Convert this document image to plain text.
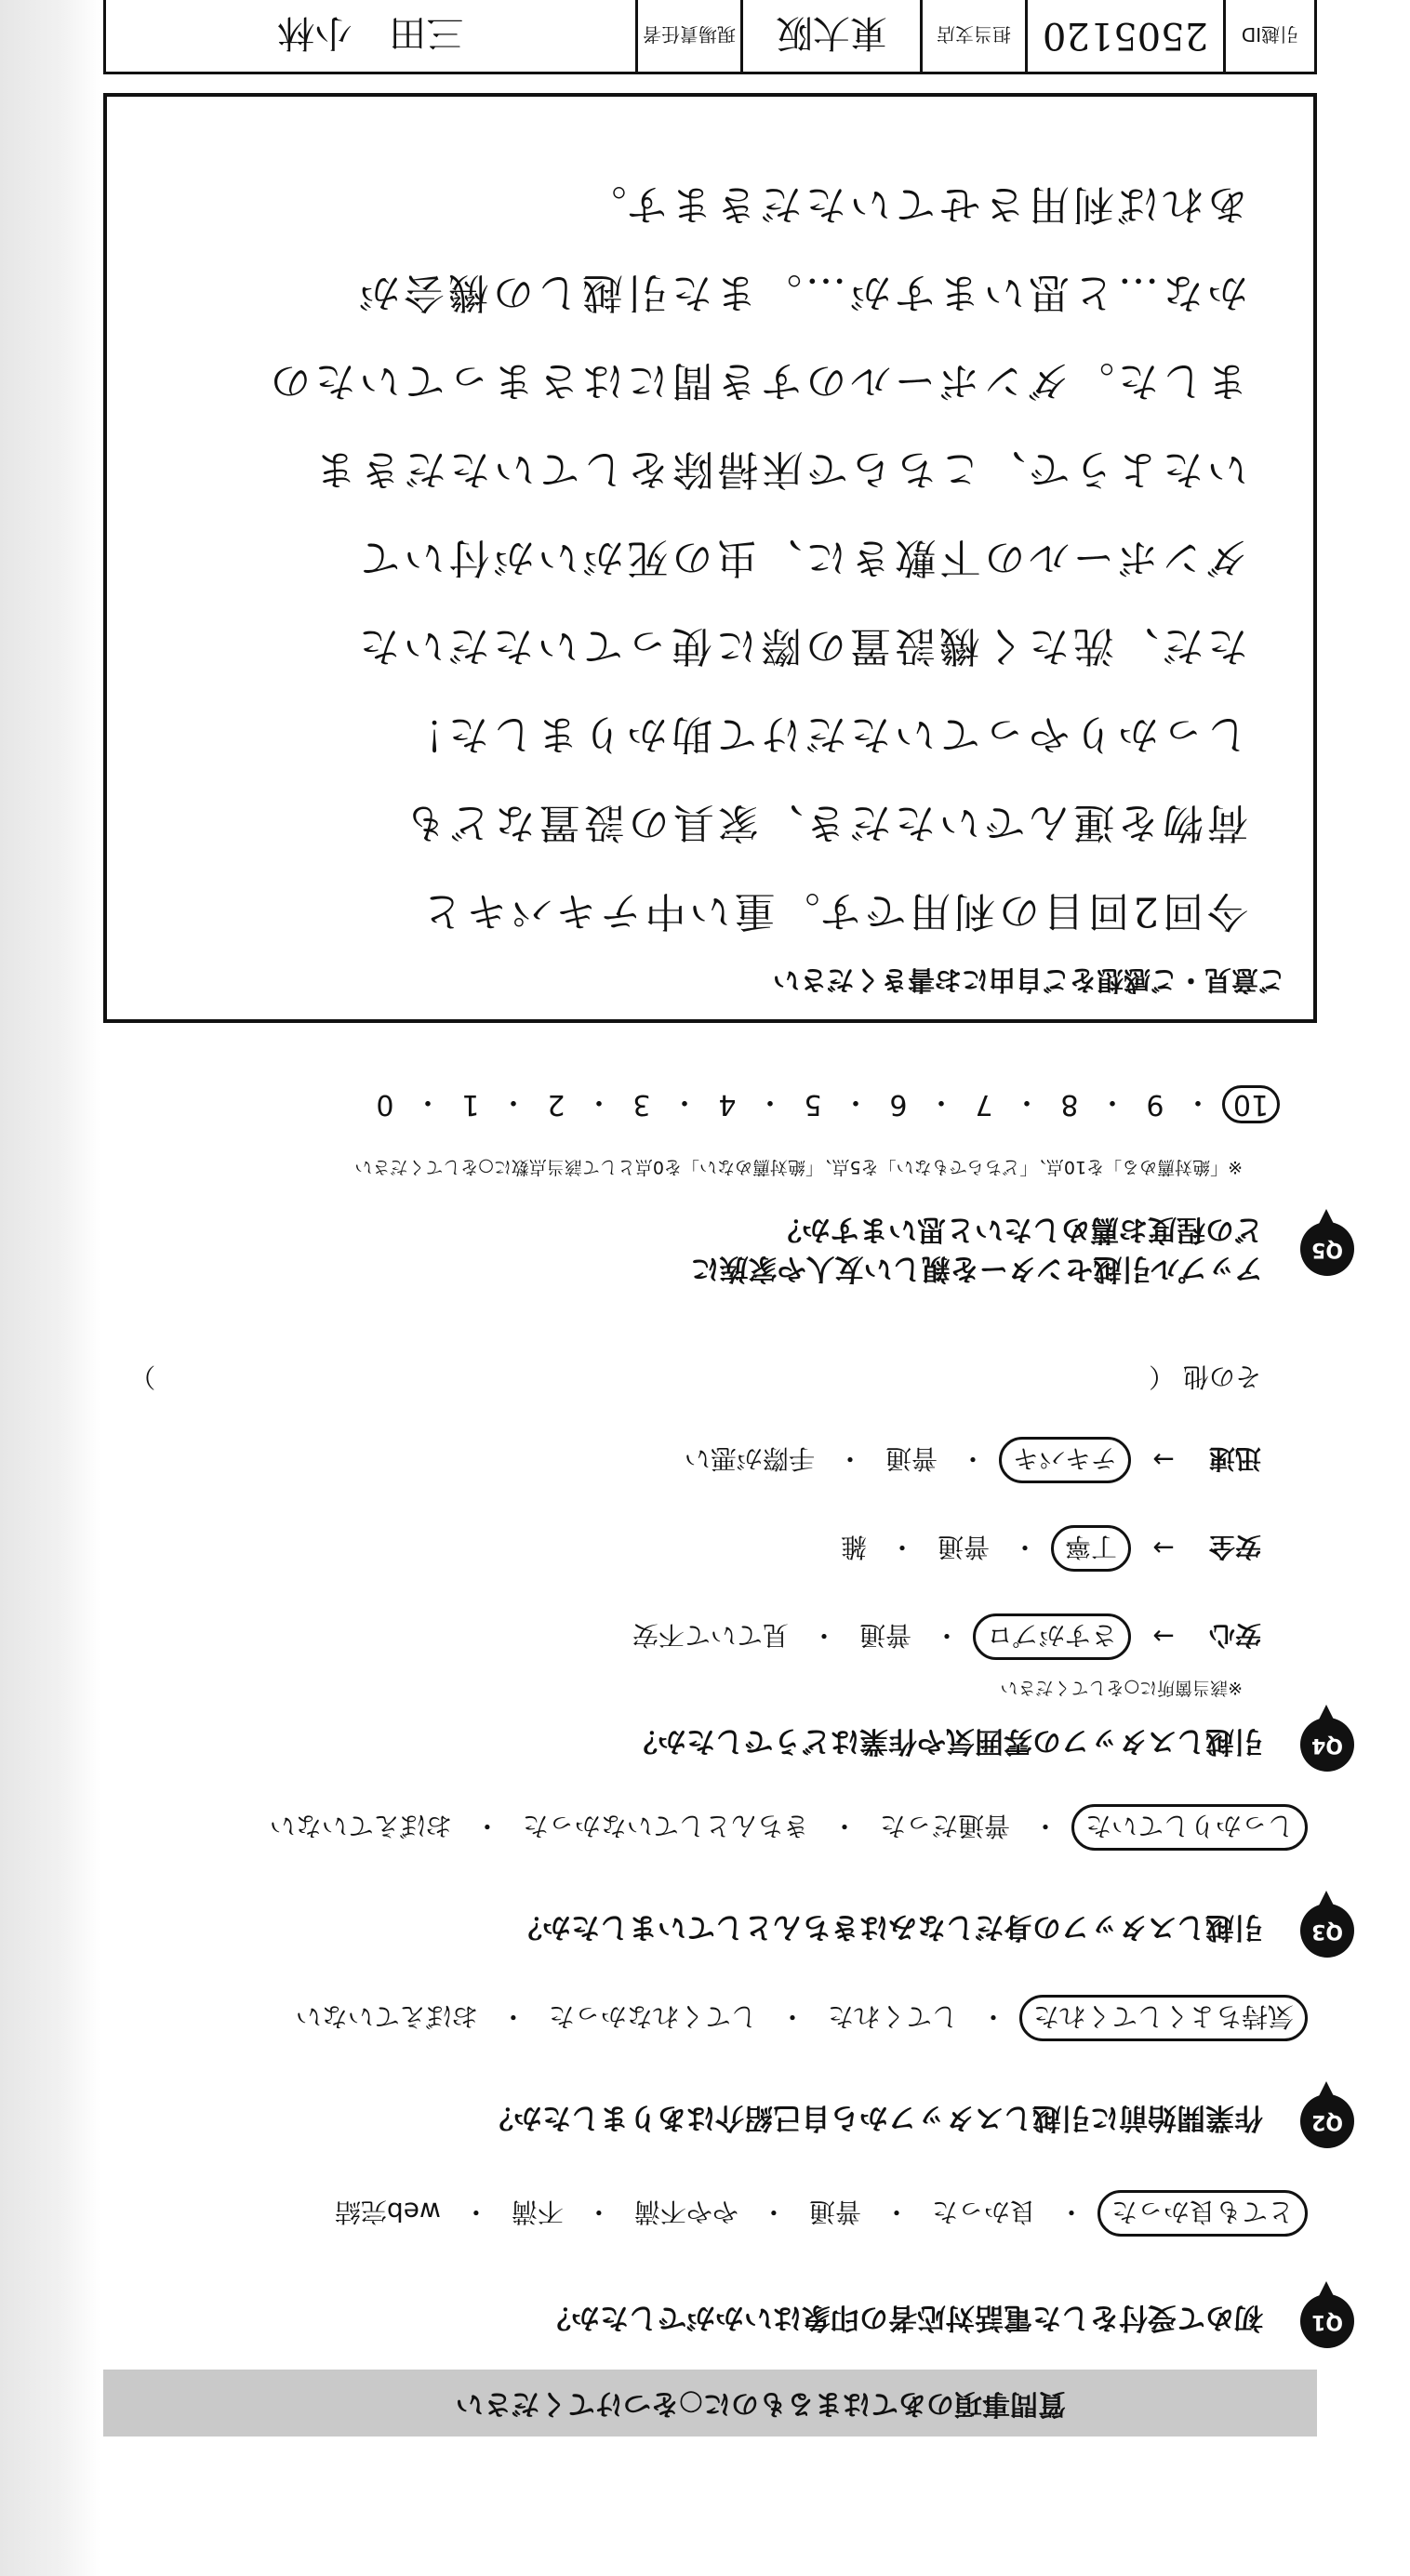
質問事項のあてはまるものに○をつけてください
Q1
初めて受付をした電話対応者の印象はいかがでしたか？
とても良かった
・
良かった
・
普通
・
やや不満
・
不満
・
web完結
Q2
作業開始前に引越しスタッフから自己紹介はありましたか？
気持ちよくしてくれた
・
してくれた
・
してくれなかった
・
おぼえていない
Q3
引越しスタッフの身だしなみはきちんとしていましたか？
しっかりしていた
・
普通だった
・
きちんとしていなかった
・
おぼえていない
Q4
引越しスタッフの雰囲気や作業はどうでしたか？
※該当箇所に○をしてください
安心
→
さすがプロ
・
普通
・
見ていて不安
安全
→
丁寧
・
普通
・
雑
迅速
→
テキパキ
・
普通
・
手際が悪い
その他 （  ）
Q5
アップル引越センターを親しい友人や家族に
どの程度お薦めしたいと思いますか？
※「絶対薦める」を10点、「どちらでもない」を5点、「絶対薦めない」を0点として該当点数に○をしてください
10
・
9
・
8
・
7
・
6
・
5
・
4
・
3
・
2
・
1
・
0
ご意見・ご感想をご自由にお書きください
今回2回目の利用です。重い中テキパキと
荷物を運んでいただき、家具の設置なども
しっかりやっていただけて助かりました！
ただ、洗たく機設置の際に使っていただいた
ダンボールの下敷きに、虫の死がいが付いて
いたようで、こちらで床掃除をしていただきま
ました。ダンボールのすき間にはさまっていたの
かな…と思いますが…。また引越しの機会が
あれば利用させていただきます。
引越ID
2505120
担当支店
東大阪
現場責任者
三田　小林
